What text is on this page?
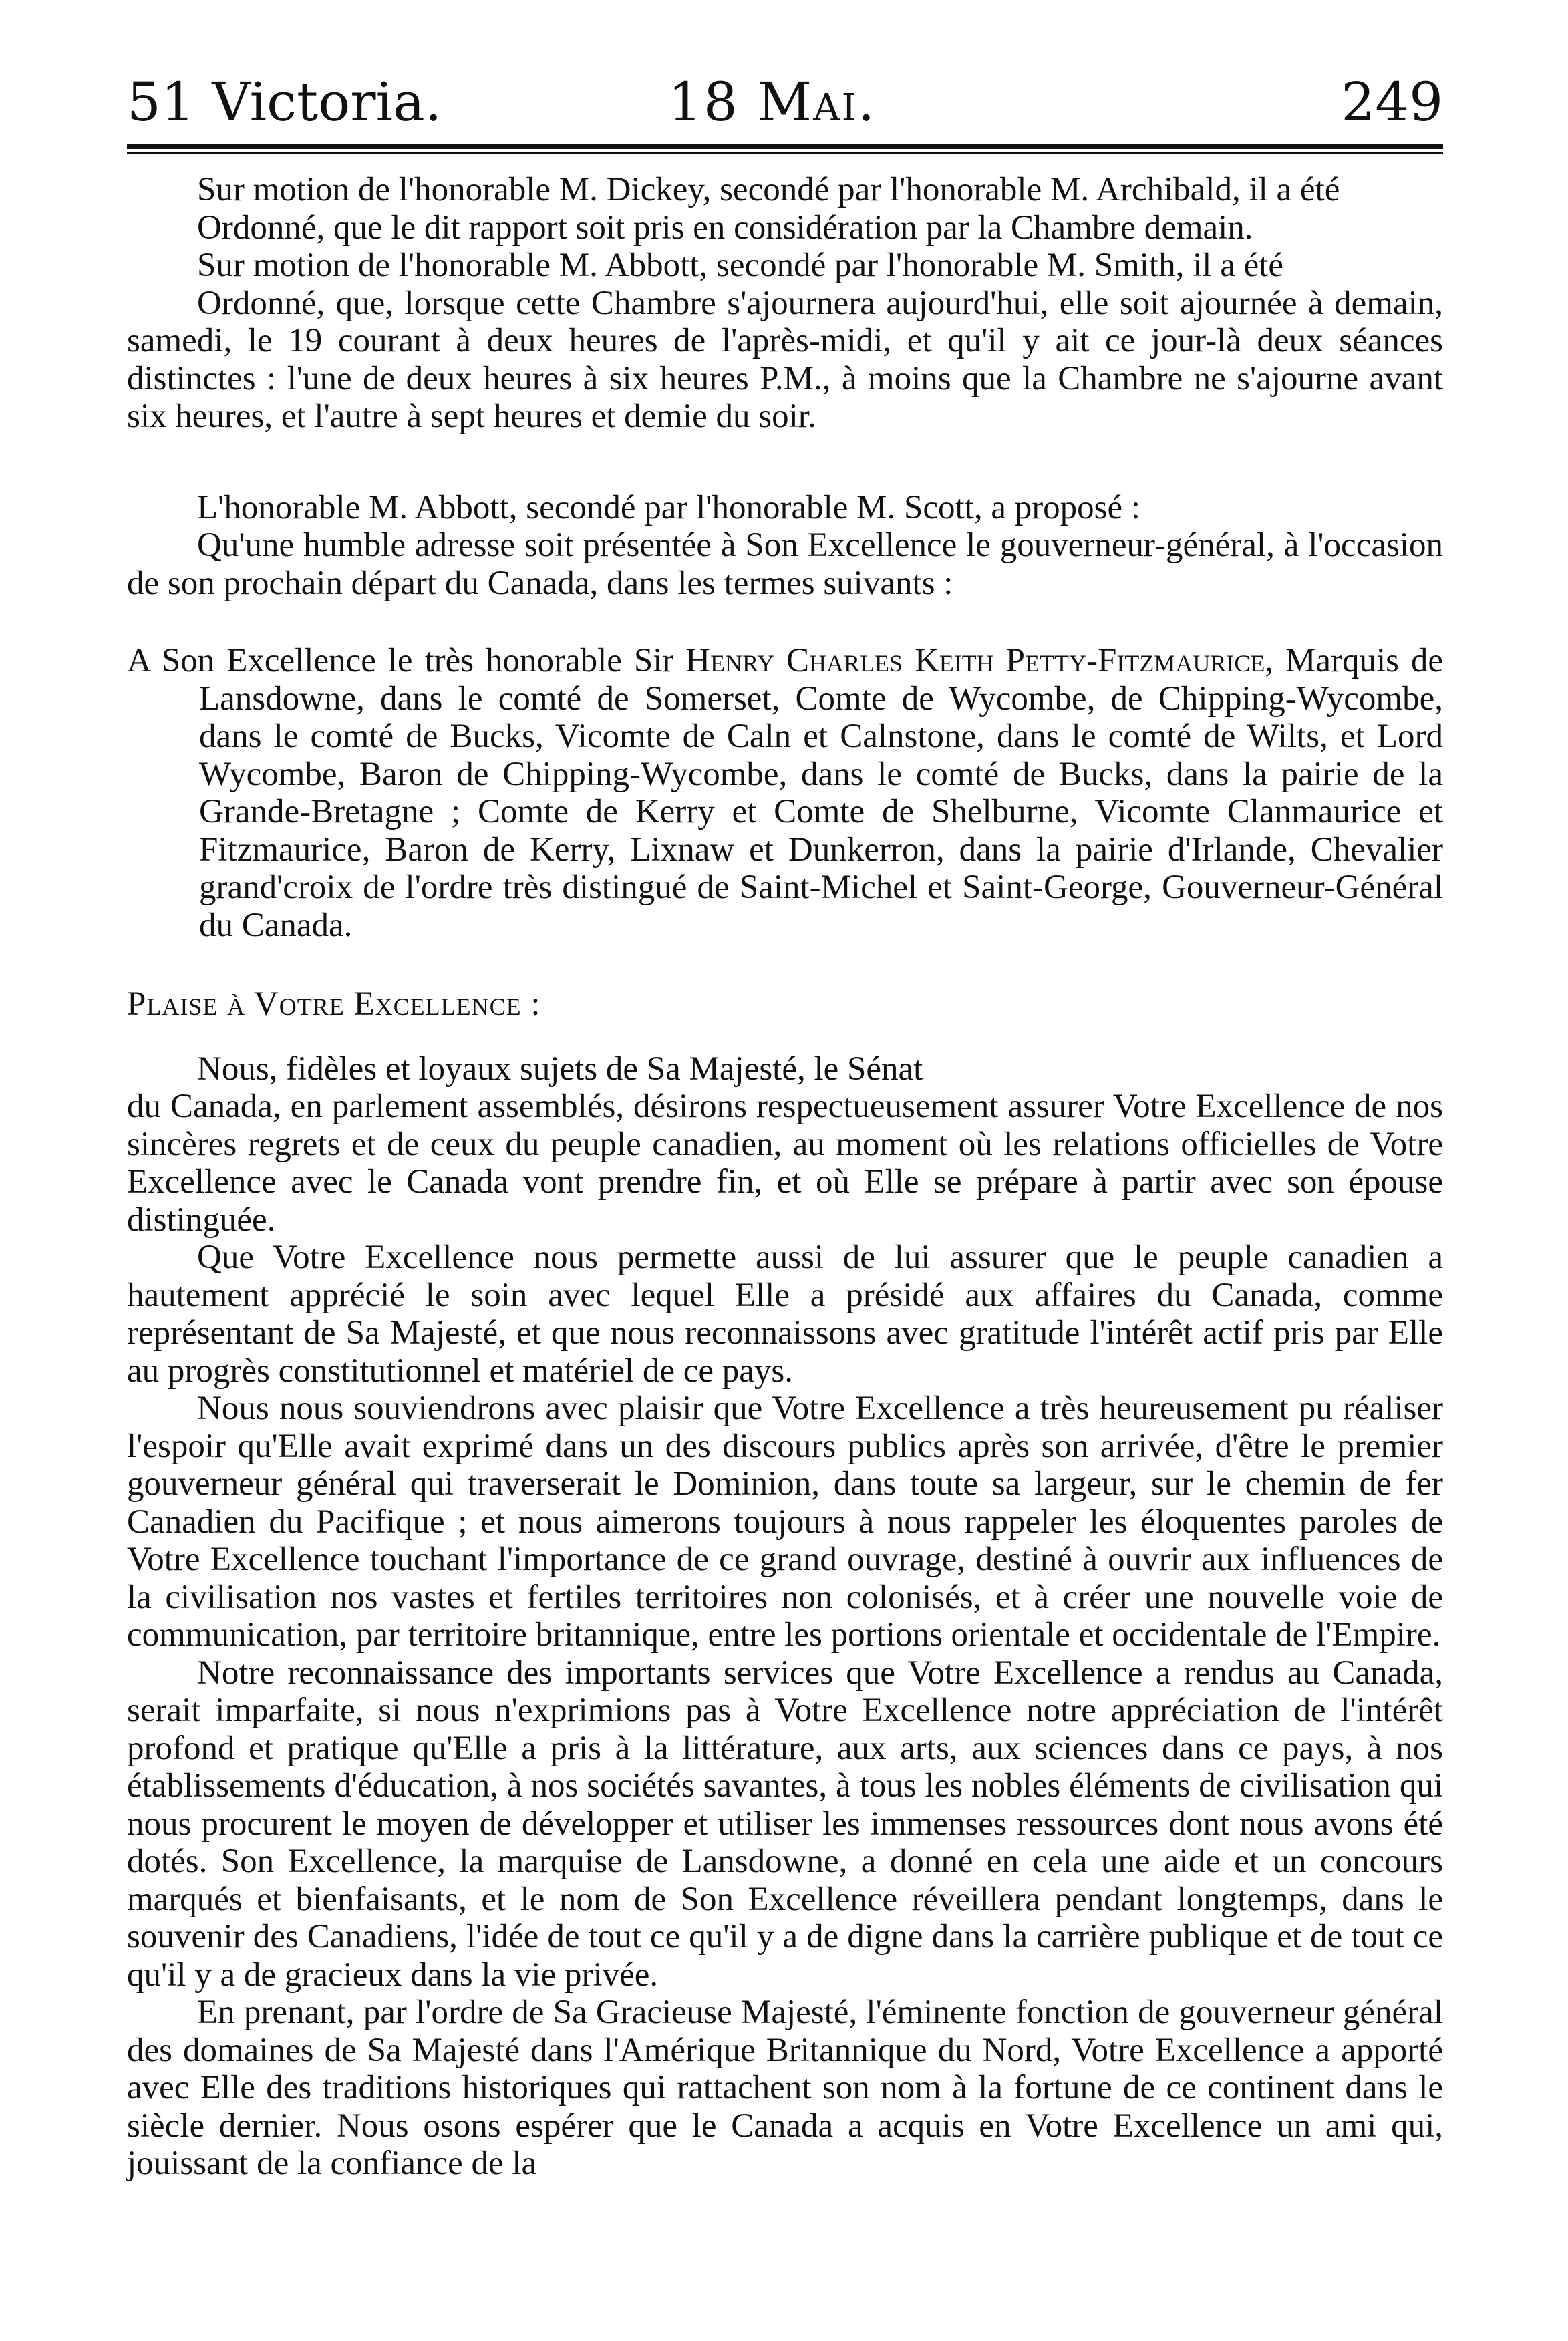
51 Victoria.	18 Mai.	249

Sur motion de l'honorable M. Dickey, secondé par l'honorable M. Archibald, il a été

Ordonné, que le dit rapport soit pris en considération par la Chambre demain.

Sur motion de l'honorable M. Abbott, secondé par l'honorable M. Smith, il a été

Ordonné, que, lorsque cette Chambre s'ajournera aujourd'hui, elle soit ajournée à demain, samedi, le 19 courant à deux heures de l'après-midi, et qu'il y ait ce jour-là deux séances distinctes : l'une de deux heures à six heures P.M., à moins que la Chambre ne s'ajourne avant six heures, et l'autre à sept heures et demie du soir.

L'honorable M. Abbott, secondé par l'honorable M. Scott, a proposé :

Qu'une humble adresse soit présentée à Son Excellence le gouverneur-général, à l'occasion de son prochain départ du Canada, dans les termes suivants :

A Son Excellence le très honorable Sir Henry Charles Keith Petty-Fitzmaurice, Marquis de Lansdowne, dans le comté de Somerset, Comte de Wycombe, de Chipping-Wycombe, dans le comté de Bucks, Vicomte de Caln et Calnstone, dans le comté de Wilts, et Lord Wycombe, Baron de Chipping-Wycombe, dans le comté de Bucks, dans la pairie de la Grande-Bretagne ; Comte de Kerry et Comte de Shelburne, Vicomte Clanmaurice et Fitzmaurice, Baron de Kerry, Lixnaw et Dunkerron, dans la pairie d'Irlande, Chevalier grand'croix de l'ordre très distingué de Saint-Michel et Saint-George, Gouverneur-Général du Canada.

Plaise à Votre Excellence :

Nous, fidèles et loyaux sujets de Sa Majesté, le Sénat

du Canada, en parlement assemblés, désirons respectueusement assurer Votre Excellence de nos sincères regrets et de ceux du peuple canadien, au moment où les relations officielles de Votre Excellence avec le Canada vont prendre fin, et où Elle se prépare à partir avec son épouse distinguée.

Que Votre Excellence nous permette aussi de lui assurer que le peuple canadien a hautement apprécié le soin avec lequel Elle a présidé aux affaires du Canada, comme représentant de Sa Majesté, et que nous reconnaissons avec gratitude l'intérêt actif pris par Elle au progrès constitutionnel et matériel de ce pays.

Nous nous souviendrons avec plaisir que Votre Excellence a très heureusement pu réaliser l'espoir qu'Elle avait exprimé dans un des discours publics après son arrivée, d'être le premier gouverneur général qui traverserait le Dominion, dans toute sa largeur, sur le chemin de fer Canadien du Pacifique ; et nous aimerons toujours à nous rappeler les éloquentes paroles de Votre Excellence touchant l'importance de ce grand ouvrage, destiné à ouvrir aux influences de la civilisation nos vastes et fertiles territoires non colonisés, et à créer une nouvelle voie de communication, par territoire britannique, entre les portions orientale et occidentale de l'Empire.

Notre reconnaissance des importants services que Votre Excellence a rendus au Canada, serait imparfaite, si nous n'exprimions pas à Votre Excellence notre appréciation de l'intérêt profond et pratique qu'Elle a pris à la littérature, aux arts, aux sciences dans ce pays, à nos établissements d'éducation, à nos sociétés savantes, à tous les nobles éléments de civilisation qui nous procurent le moyen de développer et utiliser les immenses ressources dont nous avons été dotés. Son Excellence, la marquise de Lansdowne, a donné en cela une aide et un concours marqués et bienfaisants, et le nom de Son Excellence réveillera pendant longtemps, dans le souvenir des Canadiens, l'idée de tout ce qu'il y a de digne dans la carrière publique et de tout ce qu'il y a de gracieux dans la vie privée.

En prenant, par l'ordre de Sa Gracieuse Majesté, l'éminente fonction de gouverneur général des domaines de Sa Majesté dans l'Amérique Britannique du Nord, Votre Excellence a apporté avec Elle des traditions historiques qui rattachent son nom à la fortune de ce continent dans le siècle dernier. Nous osons espérer que le Canada a acquis en Votre Excellence un ami qui, jouissant de la confiance de la
